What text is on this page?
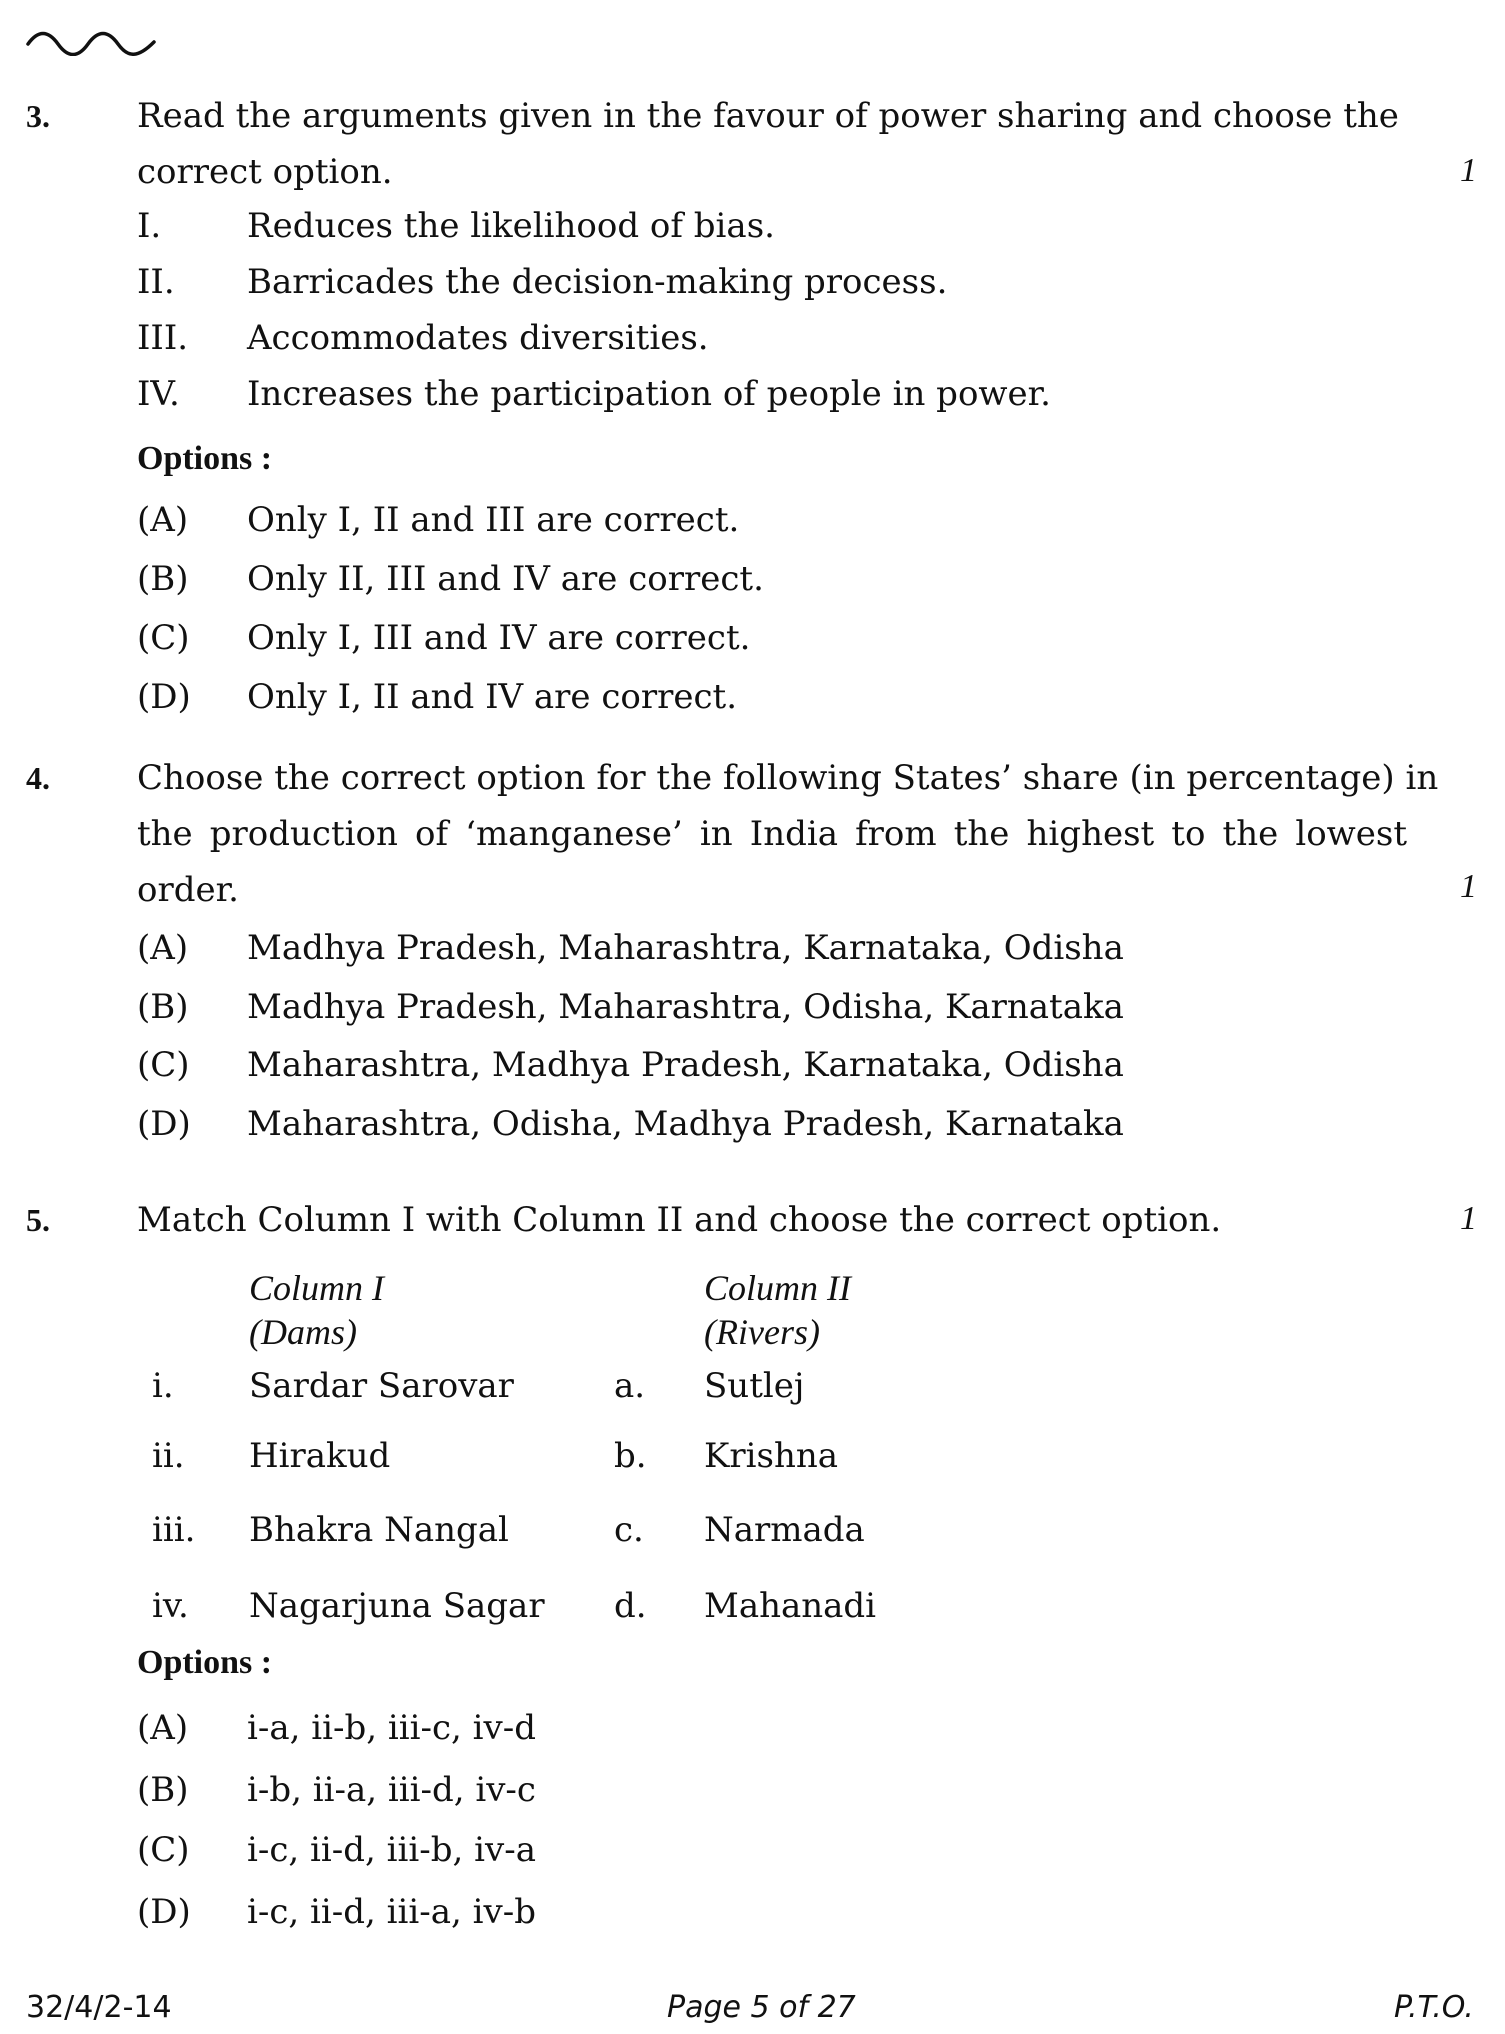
3.	Read the arguments given in the favour of power sharing and choose the
correct option.	1
I.	Reduces the likelihood of bias.
II. Barricades the decision-making process.
III. Accommodates diversities.
IV. Increases the participation of people in power.
Options :
(A) Only I, II and III are correct.
(B) Only II, III and IV are correct.
(C) Only I, III and IV are correct.
(D) Only I, II and IV are correct.
4.	Choose the correct option for the following States’ share (in percentage) in
the production of ‘manganese’ in India from the highest to the lowest
order.	1
(A) Madhya Pradesh, Maharashtra, Karnataka, Odisha
(B) Madhya Pradesh, Maharashtra, Odisha, Karnataka
(C) Maharashtra, Madhya Pradesh, Karnataka, Odisha
(D) Maharashtra, Odisha, Madhya Pradesh, Karnataka
5.	Match Column I with Column II and choose the correct option.	1
Column I
(Dams)
Column II
(Rivers)
i. Sardar Sarovar	a. Sutlej
ii. Hirakud	b. Krishna
iii. Bhakra Nangal	c. Narmada
iv. Nagarjuna Sagar d. Mahanadi
Options :
(A) i-a, ii-b, iii-c, iv-d
(B) i-b, ii-a, iii-d, iv-c
(C) i-c, ii-d, iii-b, iv-a
(D) i-c, ii-d, iii-a, iv-b
32/4/2-14	Page 5 of 27	P.T.O.
